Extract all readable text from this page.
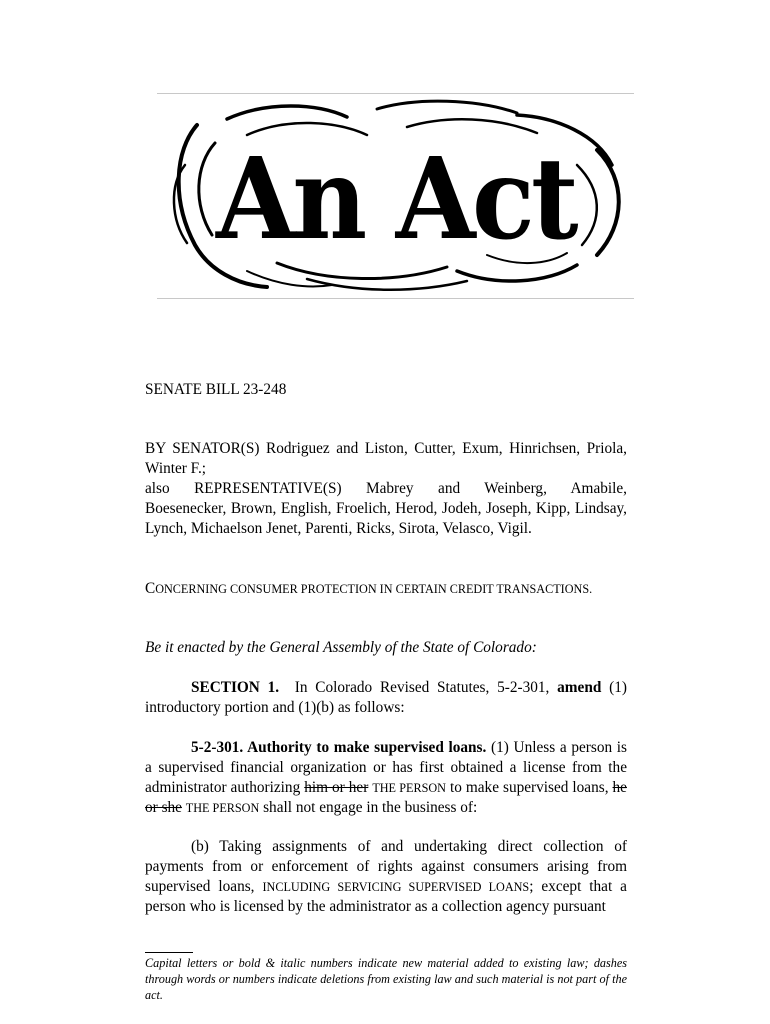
An Act
SENATE BILL 23-248
BY SENATOR(S) Rodriguez and Liston, Cutter, Exum, Hinrichsen, Priola, Winter F.;

also REPRESENTATIVE(S) Mabrey and Weinberg, Amabile,
Boesenecker, Brown, English, Froelich, Herod, Jodeh, Joseph, Kipp, Lindsay, Lynch, Michaelson Jenet, Parenti, Ricks, Sirota, Velasco, Vigil.
CONCERNING CONSUMER PROTECTION IN CERTAIN CREDIT TRANSACTIONS.
Be it enacted by the General Assembly of the State of Colorado:
SECTION 1. In Colorado Revised Statutes, 5-2-301, amend (1) introductory portion and (1)(b) as follows:
5-2-301. Authority to make supervised loans. (1) Unless a person is a supervised financial organization or has first obtained a license from the administrator authorizing him or her THE PERSON to make supervised loans, he or she THE PERSON shall not engage in the business of:
(b) Taking assignments of and undertaking direct collection of payments from or enforcement of rights against consumers arising from supervised loans, INCLUDING SERVICING SUPERVISED LOANS; except that a person who is licensed by the administrator as a collection agency pursuant
Capital letters or bold & italic numbers indicate new material added to existing law; dashes through words or numbers indicate deletions from existing law and such material is not part of the act.
